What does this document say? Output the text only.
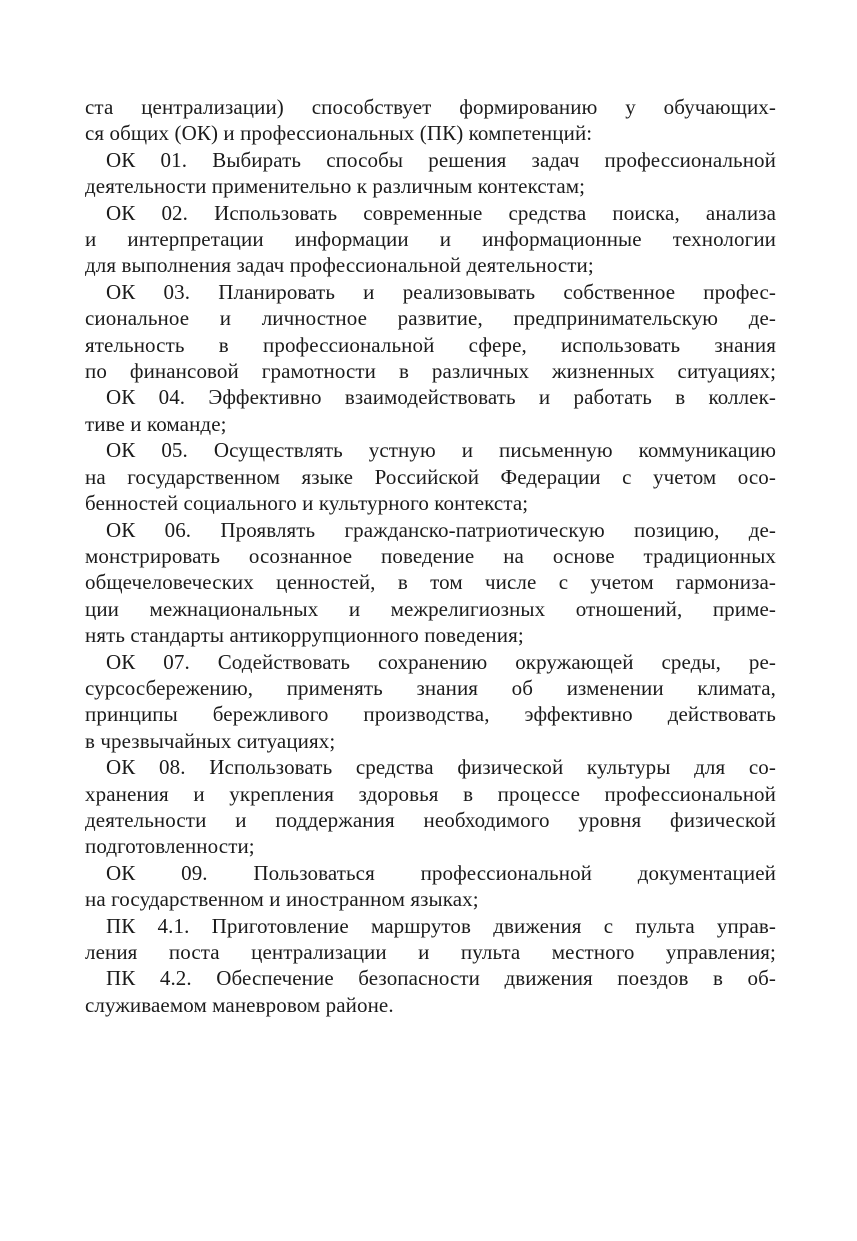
ста централизации) способствует формированию у обучающих-
ся общих (ОК) и профессиональных (ПК) компетенций:
ОК 01. Выбирать способы решения задач профессиональной
деятельности применительно к различным контекстам;
ОК 02. Использовать современные средства поиска, анализа
и интерпретации информации и информационные технологии
для выполнения задач профессиональной деятельности;
ОК 03. Планировать и реализовывать собственное профес-
сиональное и личностное развитие, предпринимательскую де-
ятельность в профессиональной сфере, использовать знания
по финансовой грамотности в различных жизненных ситуациях;
ОК 04. Эффективно взаимодействовать и работать в коллек-
тиве и команде;
ОК 05. Осуществлять устную и письменную коммуникацию
на государственном языке Российской Федерации с учетом осо-
бенностей социального и культурного контекста;
ОК 06. Проявлять гражданско-патриотическую позицию, де-
монстрировать осознанное поведение на основе традиционных
общечеловеческих ценностей, в том числе с учетом гармониза-
ции межнациональных и межрелигиозных отношений, приме-
нять стандарты антикоррупционного поведения;
ОК 07. Содействовать сохранению окружающей среды, ре-
сурсосбережению, применять знания об изменении климата,
принципы бережливого производства, эффективно действовать
в чрезвычайных ситуациях;
ОК 08. Использовать средства физической культуры для со-
хранения и укрепления здоровья в процессе профессиональной
деятельности и поддержания необходимого уровня физической
подготовленности;
ОК 09. Пользоваться профессиональной документацией
на государственном и иностранном языках;
ПК 4.1. Приготовление маршрутов движения с пульта управ-
ления поста централизации и пульта местного управления;
ПК 4.2. Обеспечение безопасности движения поездов в об-
служиваемом маневровом районе.
